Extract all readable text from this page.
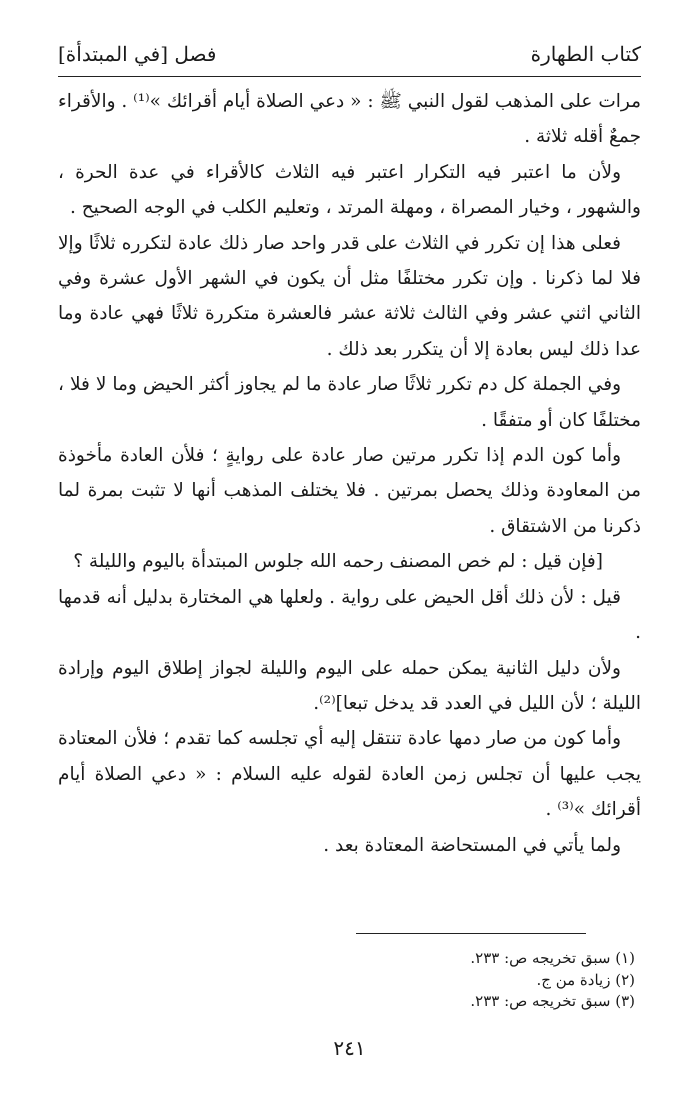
كتاب الطهارة
فصل [في المبتدأة]

مرات على المذهب لقول النبي ﷺ : « دعي الصلاة أيام أقرائك »⁽¹⁾ . والأقراء جمعٌ أقله ثلاثة .

ولأن ما اعتبر فيه التكرار اعتبر فيه الثلاث كالأقراء في عدة الحرة ، والشهور ، وخيار المصراة ، ومهلة المرتد ، وتعليم الكلب في الوجه الصحيح .

فعلى هذا إن تكرر في الثلاث على قدر واحد صار ذلك عادة لتكرره ثلاثًا وإلا فلا لما ذكرنا . وإن تكرر مختلفًا مثل أن يكون في الشهر الأول عشرة وفي الثاني اثني عشر وفي الثالث ثلاثة عشر فالعشرة متكررة ثلاثًا فهي عادة وما عدا ذلك ليس بعادة إلا أن يتكرر بعد ذلك .

وفي الجملة كل دم تكرر ثلاثًا صار عادة ما لم يجاوز أكثر الحيض وما لا فلا ، مختلفًا كان أو متفقًا .

وأما كون الدم إذا تكرر مرتين صار عادة على روايةٍ ؛ فلأن العادة مأخوذة من المعاودة وذلك يحصل بمرتين . فلا يختلف المذهب أنها لا تثبت بمرة لما ذكرنا من الاشتقاق .

[فإن قيل : لم خص المصنف رحمه الله جلوس المبتدأة باليوم والليلة ؟

قيل : لأن ذلك أقل الحيض على رواية . ولعلها هي المختارة بدليل أنه قدمها .

ولأن دليل الثانية يمكن حمله على اليوم والليلة لجواز إطلاق اليوم وإرادة الليلة ؛ لأن الليل في العدد قد يدخل تبعا]⁽²⁾.

وأما كون من صار دمها عادة تنتقل إليه أي تجلسه كما تقدم ؛ فلأن المعتادة يجب عليها أن تجلس زمن العادة لقوله عليه السلام : « دعي الصلاة أيام أقرائك »⁽³⁾ .

ولما يأتي في المستحاضة المعتادة بعد .

(١) سبق تخريجه ص: ٢٣٣.
(٢) زيادة من ج.
(٣) سبق تخريجه ص: ٢٣٣.
٢٤١
